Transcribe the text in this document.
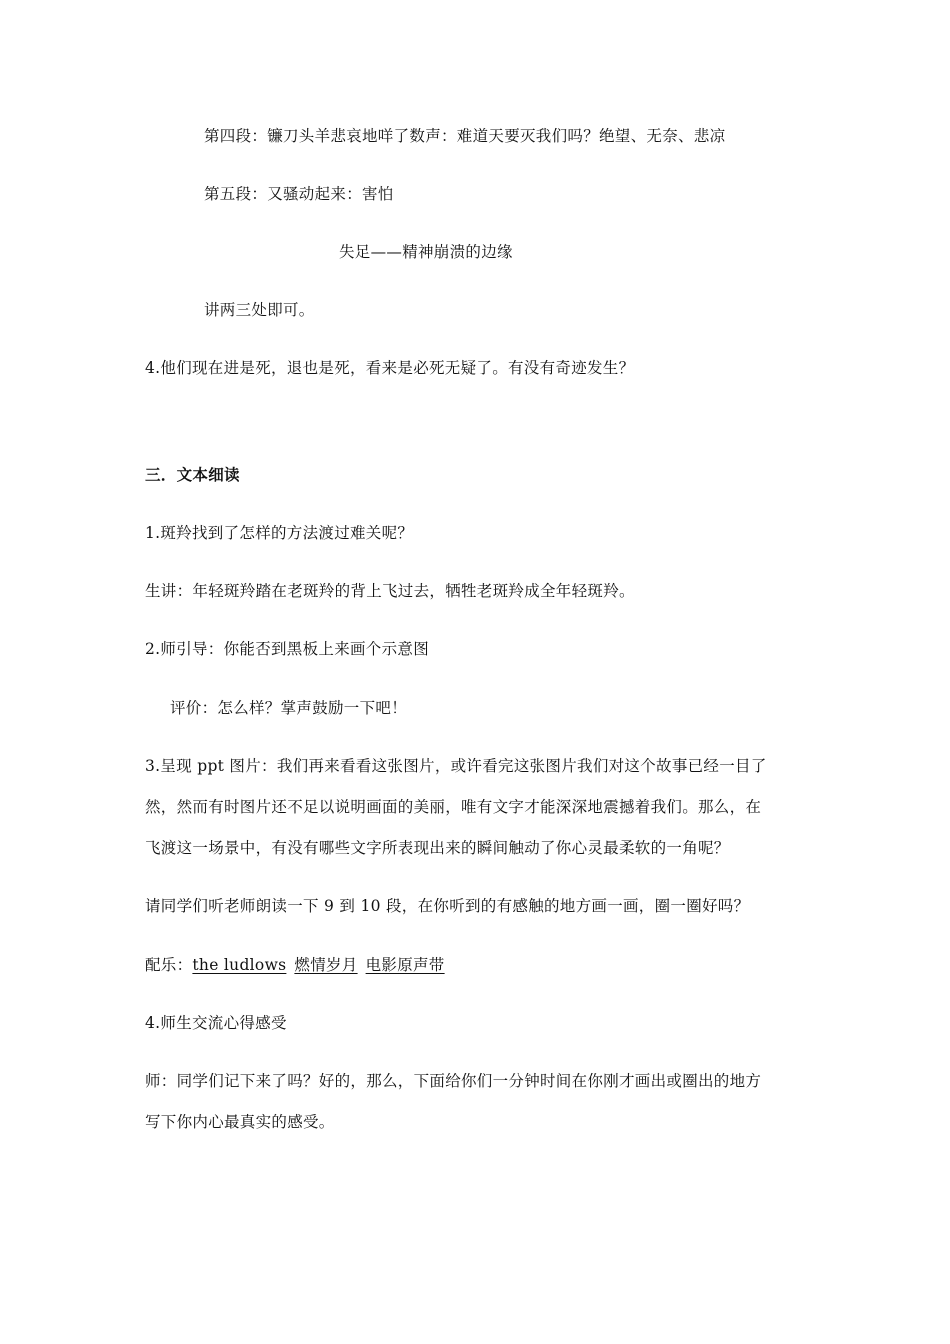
第四段：镰刀头羊悲哀地咩了数声：难道天要灭我们吗？绝望、无奈、悲凉
第五段：又骚动起来：害怕
失足——精神崩溃的边缘
讲两三处即可。
4.他们现在进是死，退也是死，看来是必死无疑了。有没有奇迹发生？
三．文本细读
1.斑羚找到了怎样的方法渡过难关呢？
生讲：年轻斑羚踏在老斑羚的背上飞过去，牺牲老斑羚成全年轻斑羚。
2.师引导：你能否到黑板上来画个示意图
评价：怎么样？掌声鼓励一下吧！
3.呈现 ppt 图片：我们再来看看这张图片，或许看完这张图片我们对这个故事已经一目了
然，然而有时图片还不足以说明画面的美丽，唯有文字才能深深地震撼着我们。那么，在
飞渡这一场景中，有没有哪些文字所表现出来的瞬间触动了你心灵最柔软的一角呢？
请同学们听老师朗读一下 9 到 10 段，在你听到的有感触的地方画一画，圈一圈好吗？
配乐：the ludlows 燃情岁月 电影原声带
4.师生交流心得感受
师：同学们记下来了吗？好的，那么，下面给你们一分钟时间在你刚才画出或圈出的地方
写下你内心最真实的感受。
